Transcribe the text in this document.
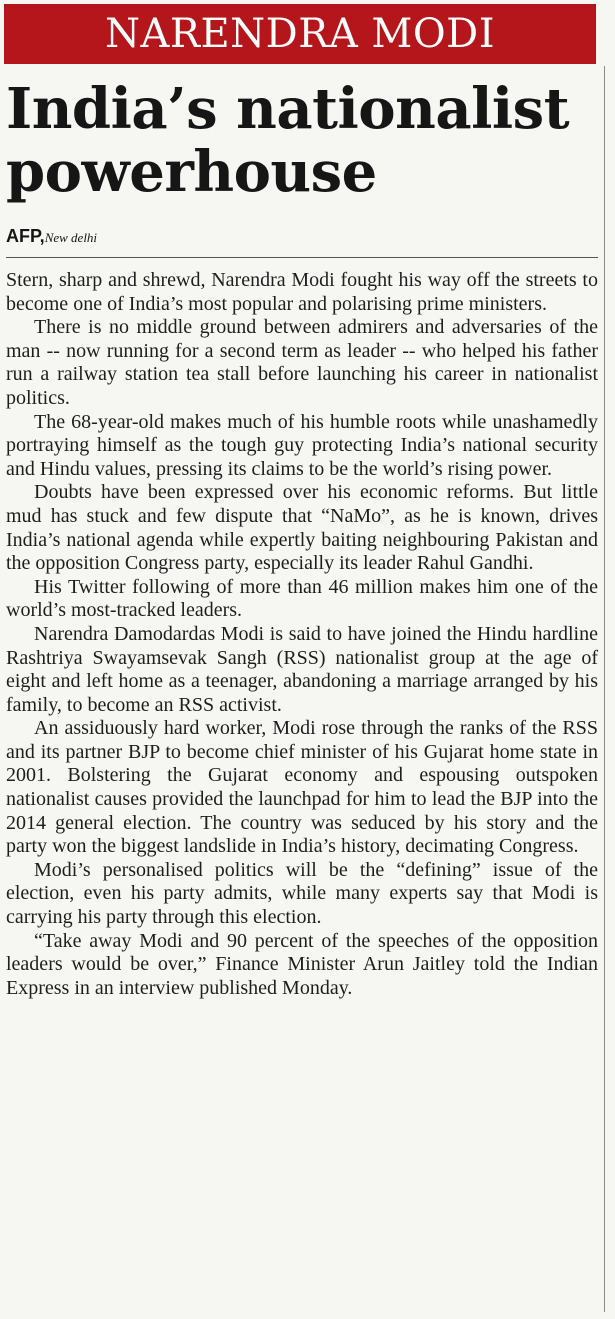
NARENDRA MODI
India’s nationalist powerhouse
AFP,New delhi

Stern, sharp and shrewd, Narendra Modi fought his way off the streets to become one of India’s most popular and polarising prime ministers.

There is no middle ground between admirers and adversaries of the man -- now running for a second term as leader -- who helped his father run a railway station tea stall before launching his career in nationalist politics.

The 68-year-old makes much of his humble roots while unashamedly portraying himself as the tough guy protecting India’s national security and Hindu values, pressing its claims to be the world’s rising power.

Doubts have been expressed over his economic reforms. But little mud has stuck and few dispute that “NaMo”, as he is known, drives India’s national agenda while expertly baiting neighbouring Pakistan and the opposition Congress party, especially its leader Rahul Gandhi.

His Twitter following of more than 46 million makes him one of the world’s most-tracked leaders.

Narendra Damodardas Modi is said to have joined the Hindu hardline Rashtriya Swayamsevak Sangh (RSS) nationalist group at the age of eight and left home as a teenager, abandoning a marriage arranged by his family, to become an RSS activist.

An assiduously hard worker, Modi rose through the ranks of the RSS and its partner BJP to become chief minister of his Gujarat home state in 2001. Bolstering the Gujarat economy and espousing outspoken nationalist causes provided the launchpad for him to lead the BJP into the 2014 general election. The country was seduced by his story and the party won the biggest landslide in India’s history, decimating Congress.

Modi’s personalised politics will be the “defining” issue of the election, even his party admits, while many experts say that Modi is carrying his party through this election.

“Take away Modi and 90 percent of the speeches of the opposition leaders would be over,” Finance Minister Arun Jaitley told the Indian Express in an interview published Monday.
